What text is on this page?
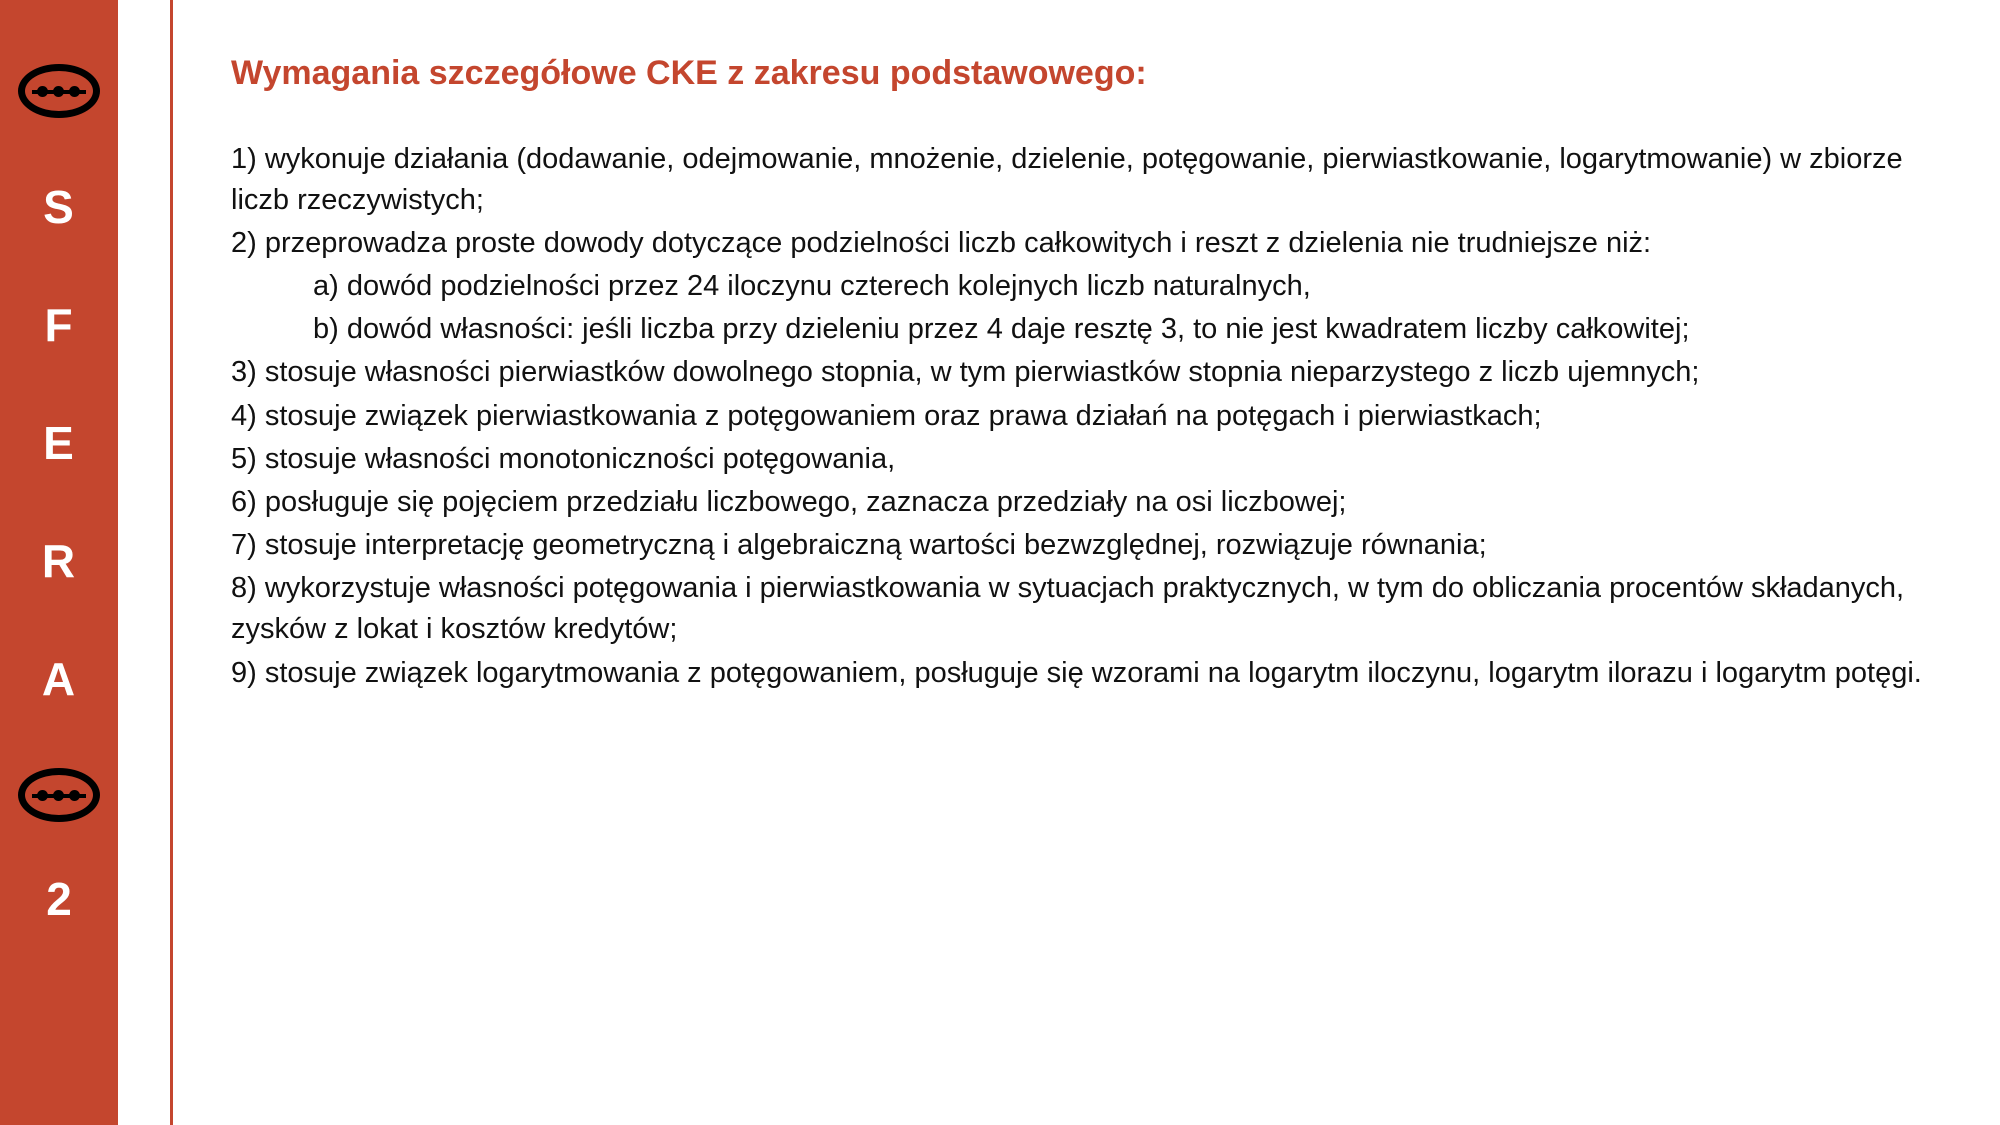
S
F
E
R
A
2
Wymagania szczegółowe CKE z zakresu podstawowego:

1) wykonuje działania (dodawanie, odejmowanie, mnożenie, dzielenie, potęgowanie, pierwiastkowanie, logarytmowanie) w zbiorze liczb rzeczywistych;

2) przeprowadza proste dowody dotyczące podzielności liczb całkowitych i reszt z dzielenia nie trudniejsze niż:

a) dowód podzielności przez 24 iloczynu czterech kolejnych liczb naturalnych,

b) dowód własności: jeśli liczba przy dzieleniu przez 4 daje resztę 3, to nie jest kwadratem liczby całkowitej;

3) stosuje własności pierwiastków dowolnego stopnia, w tym pierwiastków stopnia nieparzystego z liczb ujemnych;

4) stosuje związek pierwiastkowania z potęgowaniem oraz prawa działań na potęgach i pierwiastkach;

5) stosuje własności monotoniczności potęgowania,

6) posługuje się pojęciem przedziału liczbowego, zaznacza przedziały na osi liczbowej;

7) stosuje interpretację geometryczną i algebraiczną wartości bezwzględnej, rozwiązuje równania;

8) wykorzystuje własności potęgowania i pierwiastkowania w sytuacjach praktycznych, w tym do obliczania procentów składanych, zysków z lokat i kosztów kredytów;

9) stosuje związek logarytmowania z potęgowaniem, posługuje się wzorami na logarytm iloczynu, logarytm ilorazu i logarytm potęgi.
